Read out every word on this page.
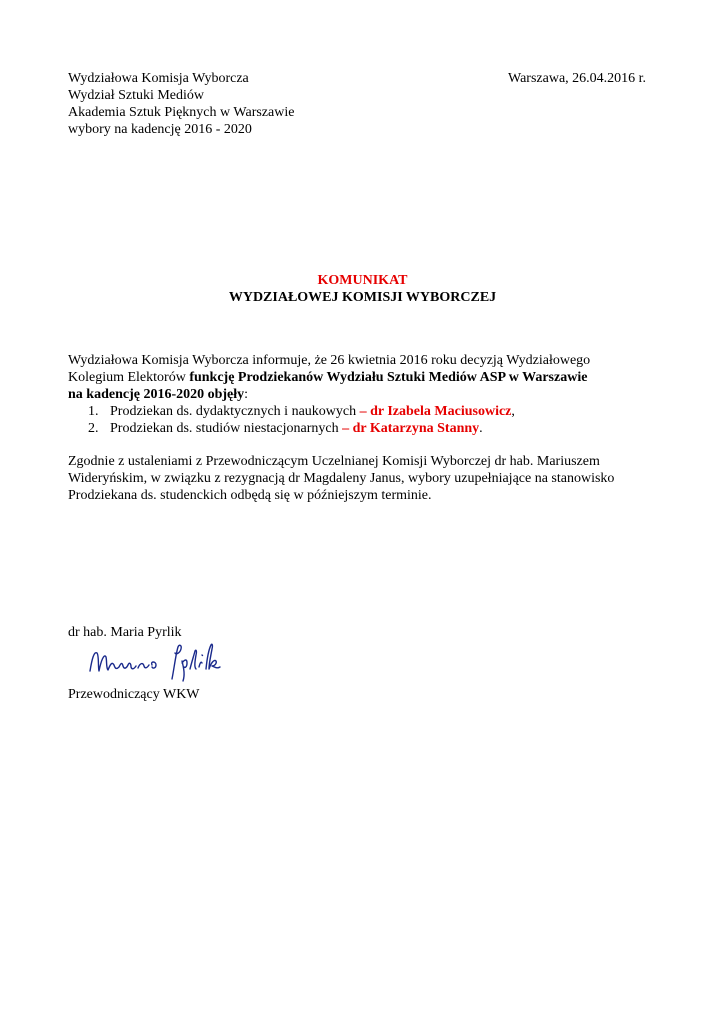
Wydziałowa Komisja Wyborcza
Wydział Sztuki Mediów
Akademia Sztuk Pięknych w Warszawie
wybory na kadencję 2016 - 2020
Warszawa, 26.04.2016 r.
KOMUNIKAT
WYDZIAŁOWEJ KOMISJI WYBORCZEJ
Wydziałowa Komisja Wyborcza informuje, że 26 kwietnia 2016 roku decyzją Wydziałowego
Kolegium Elektorów funkcję Prodziekanów Wydziału Sztuki Mediów ASP w Warszawie
na kadencję 2016-2020 objęły:
1. Prodziekan ds. dydaktycznych i naukowych – dr Izabela Maciusowicz,
2. Prodziekan ds. studiów niestacjonarnych – dr Katarzyna Stanny.
Zgodnie z ustaleniami z Przewodniczącym Uczelnianej Komisji Wyborczej dr hab. Mariuszem
Wideryńskim, w związku z rezygnacją dr Magdaleny Janus, wybory uzupełniające na stanowisko
Prodziekana ds. studenckich odbędą się w późniejszym terminie.
dr hab. Maria Pyrlik
Przewodniczący WKW
